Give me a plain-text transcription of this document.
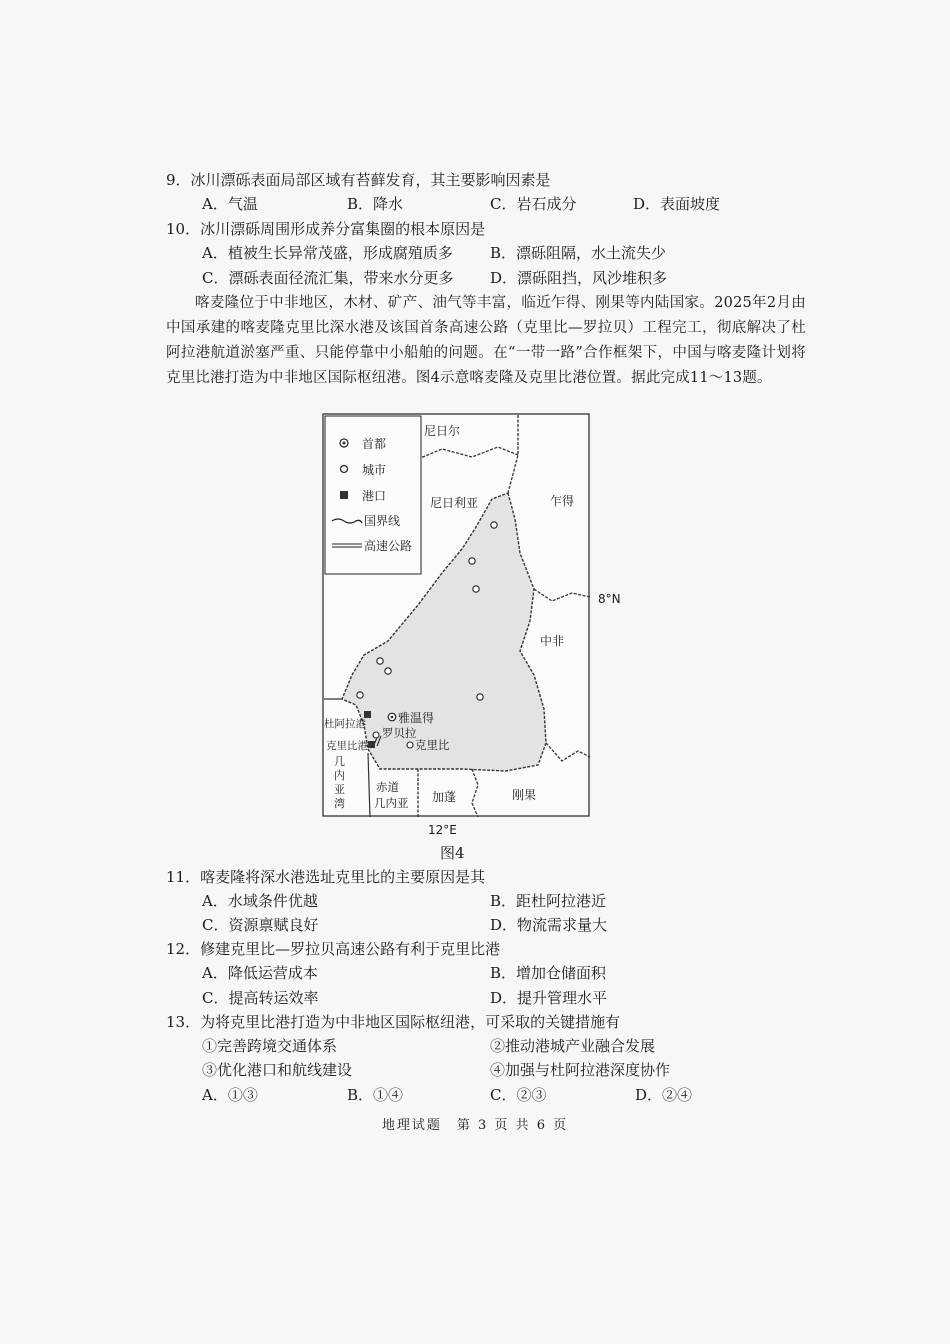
9．冰川漂砾表面局部区域有苔藓发育，其主要影响因素是
A．气温	B．降水	C．岩石成分	D．表面坡度
10．冰川漂砾周围形成养分富集圈的根本原因是
A．植被生长异常茂盛，形成腐殖质多 B．漂砾阻隔，水土流失少
C．漂砾表面径流汇集，带来水分更多 D．漂砾阻挡，风沙堆积多
喀麦隆位于中非地区，木材、矿产、油气等丰富，临近乍得、刚果等内陆国家。2025年2月由中国承建的喀麦隆克里比深水港及该国首条高速公路（克里比—罗拉贝）工程完工，彻底解决了杜阿拉港航道淤塞严重、只能停靠中小船舶的问题。在“一带一路”合作框架下，中国与喀麦隆计划将克里比港打造为中非地区国际枢纽港。图4示意喀麦隆及克里比港位置。据此完成11～13题。
首都
城市
港口
国界线
高速公路
尼日尔
尼日利亚	乍得
中非
赤道 几内亚 加蓬	刚果
几 内 亚 湾
雅温得
杜阿拉港
罗贝拉
克里比港	克里比
8°N
12°E
图4
11．喀麦隆将深水港选址克里比的主要原因是其
A．水域条件优越	B．距杜阿拉港近
C．资源禀赋良好	D．物流需求量大
12．修建克里比—罗拉贝高速公路有利于克里比港
A．降低运营成本	B．增加仓储面积
C．提高转运效率	D．提升管理水平
13．为将克里比港打造为中非地区国际枢纽港，可采取的关键措施有
①完善跨境交通体系	②推动港城产业融合发展
③优化港口和航线建设	④加强与杜阿拉港深度协作
A．①③	B．①④	C．②③	D．②④
地理试题　第 3 页 共 6 页
